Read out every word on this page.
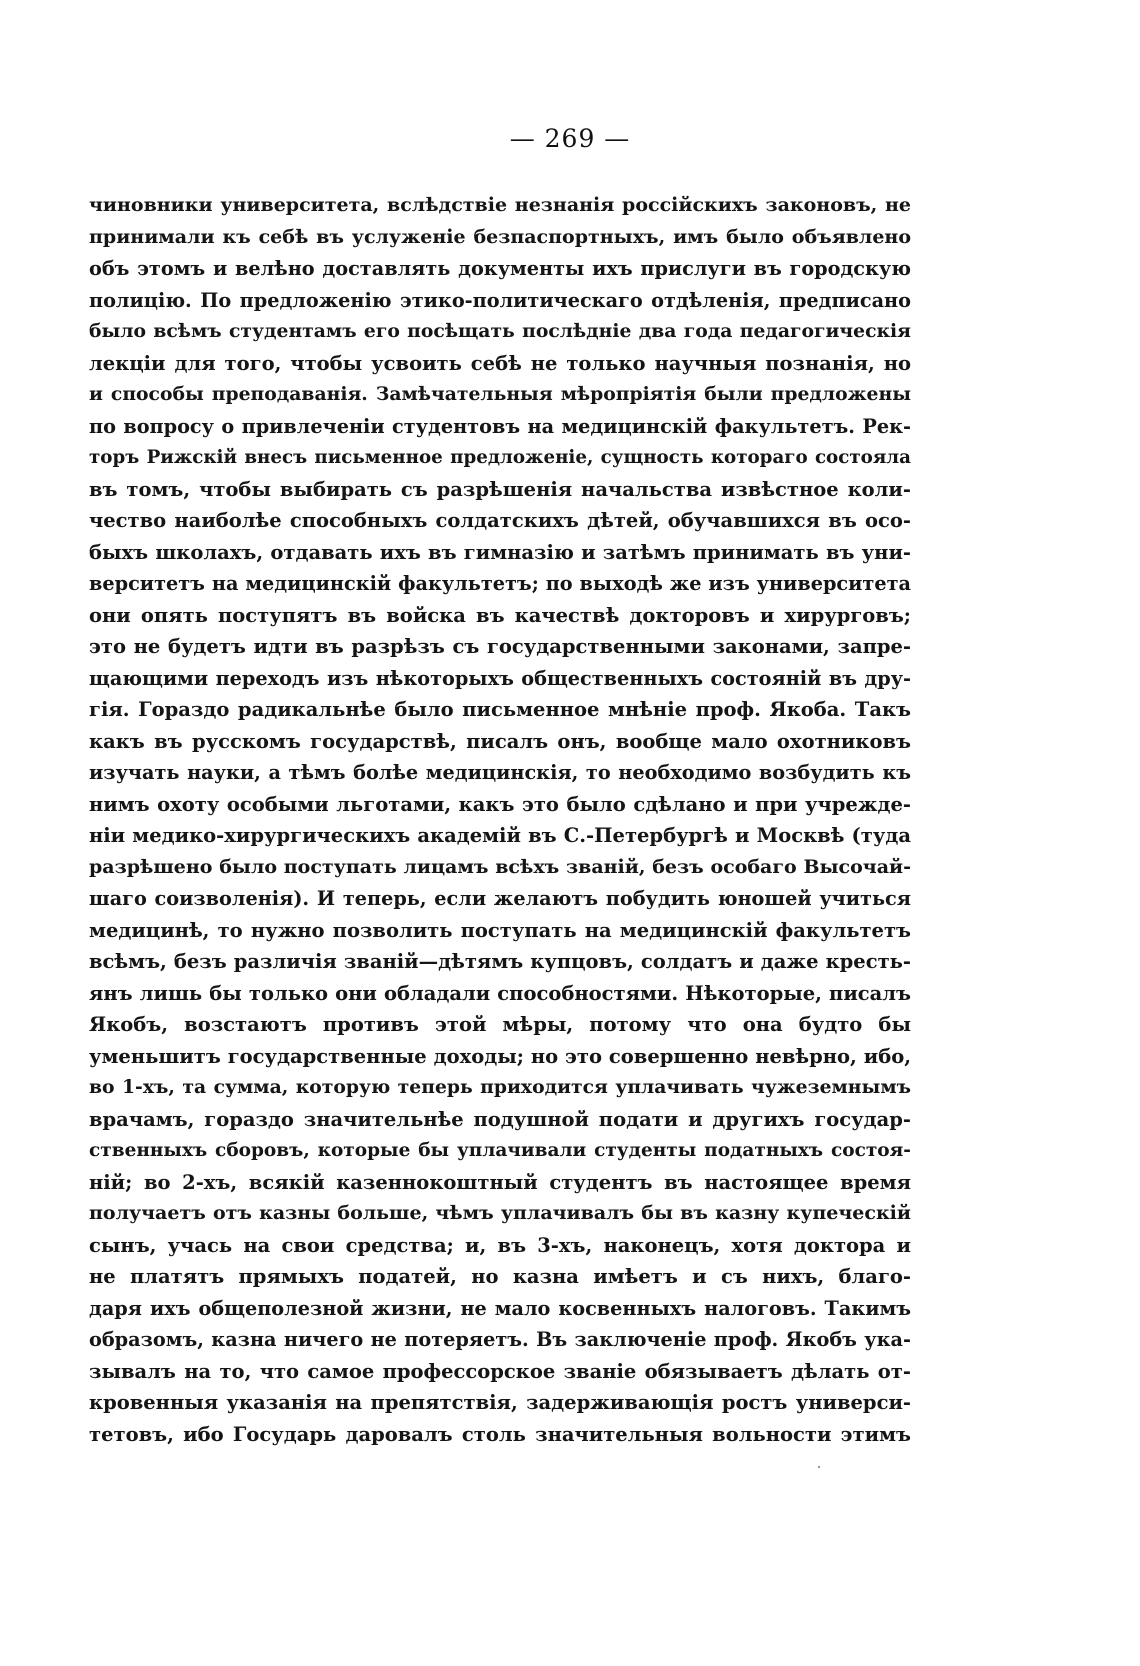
— 269 —
чиновники университета, вслѣдствіе незнанія россійскихъ законовъ, не
принимали къ себѣ въ услуженіе безпаспортныхъ, имъ было объявлено
объ этомъ и велѣно доставлять документы ихъ прислуги въ городскую
полицію. По предложенію этико-политическаго отдѣленія, предписано
было всѣмъ студентамъ его посѣщать послѣдніе два года педагогическія
лекціи для того, чтобы усвоить себѣ не только научныя познанія, но
и способы преподаванія. Замѣчательныя мѣропріятія были предложены
по вопросу о привлеченіи студентовъ на медицинскій факультетъ. Рек-
торъ Рижскій внесъ письменное предложеніе, сущность котораго состояла
въ томъ, чтобы выбирать съ разрѣшенія начальства извѣстное коли-
чество наиболѣе способныхъ солдатскихъ дѣтей, обучавшихся въ осо-
быхъ школахъ, отдавать ихъ въ гимназію и затѣмъ принимать въ уни-
верситетъ на медицинскій факультетъ; по выходѣ же изъ университета
они опять поступятъ въ войска въ качествѣ докторовъ и хирурговъ;
это не будетъ идти въ разрѣзъ съ государственными законами, запре-
щающими переходъ изъ нѣкоторыхъ общественныхъ состояній въ дру-
гія. Гораздо радикальнѣе было письменное мнѣніе проф. Якоба. Такъ
какъ въ русскомъ государствѣ, писалъ онъ, вообще мало охотниковъ
изучать науки, а тѣмъ болѣе медицинскія, то необходимо возбудить къ
нимъ охоту особыми льготами, какъ это было сдѣлано и при учрежде-
ніи медико-хирургическихъ академій въ С.-Петербургѣ и Москвѣ (туда
разрѣшено было поступать лицамъ всѣхъ званій, безъ особаго Высочай-
шаго соизволенія). И теперь, если желаютъ побудить юношей учиться
медицинѣ, то нужно позволить поступать на медицинскій факультетъ
всѣмъ, безъ различія званій—дѣтямъ купцовъ, солдатъ и даже кресть-
янъ лишь бы только они обладали способностями. Нѣкоторые, писалъ
Якобъ, возстаютъ противъ этой мѣры, потому что она будто бы
уменьшитъ государственные доходы; но это совершенно невѣрно, ибо,
во 1-хъ, та сумма, которую теперь приходится уплачивать чужеземнымъ
врачамъ, гораздо значительнѣе подушной подати и другихъ государ-
ственныхъ сборовъ, которые бы уплачивали студенты податныхъ состоя-
ній; во 2-хъ, всякій казеннокоштный студентъ въ настоящее время
получаетъ отъ казны больше, чѣмъ уплачивалъ бы въ казну купеческій
сынъ, учась на свои средства; и, въ 3-хъ, наконецъ, хотя доктора и
не платятъ прямыхъ податей, но казна имѣетъ и съ нихъ, благо-
даря ихъ общеполезной жизни, не мало косвенныхъ налоговъ. Такимъ
образомъ, казна ничего не потеряетъ. Въ заключеніе проф. Якобъ ука-
зывалъ на то, что самое профессорское званіе обязываетъ дѣлать от-
кровенныя указанія на препятствія, задерживающія ростъ универси-
тетовъ, ибо Государь даровалъ столь значительныя вольности этимъ
